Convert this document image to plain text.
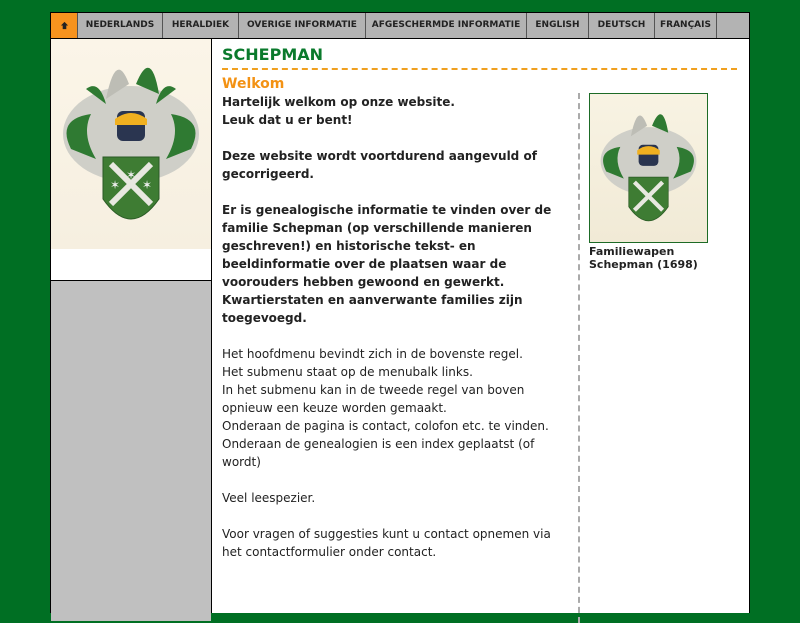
NEDERLANDS	HERALDIEK	OVERIGE INFORMATIE	AFGESCHERMDE INFORMATIE	ENGLISH	DEUTSCH	FRANÇAIS
✶
✶ ✶
SCHEPMAN
Welkom

Hartelijk welkom op onze website.
Leuk dat u er bent!

Deze website wordt voortdurend aangevuld of gecorrigeerd.

Er is genealogische informatie te vinden over de familie Schepman (op verschillende manieren geschreven!) en historische tekst- en beeldinformatie over de plaatsen waar de voorouders hebben gewoond en gewerkt.
Kwartierstaten en aanverwante families zijn toegevoegd.

Het hoofdmenu bevindt zich in de bovenste regel.
Het submenu staat op de menubalk links.
In het submenu kan in de tweede regel van boven opnieuw een keuze worden gemaakt.
Onderaan de pagina is contact, colofon etc. te vinden.
Onderaan de genealogien is een index geplaatst (of wordt)

Veel leespezier.

Voor vragen of suggesties kunt u contact opnemen via het contactformulier onder contact.

Familiewapen Schepman (1698)
